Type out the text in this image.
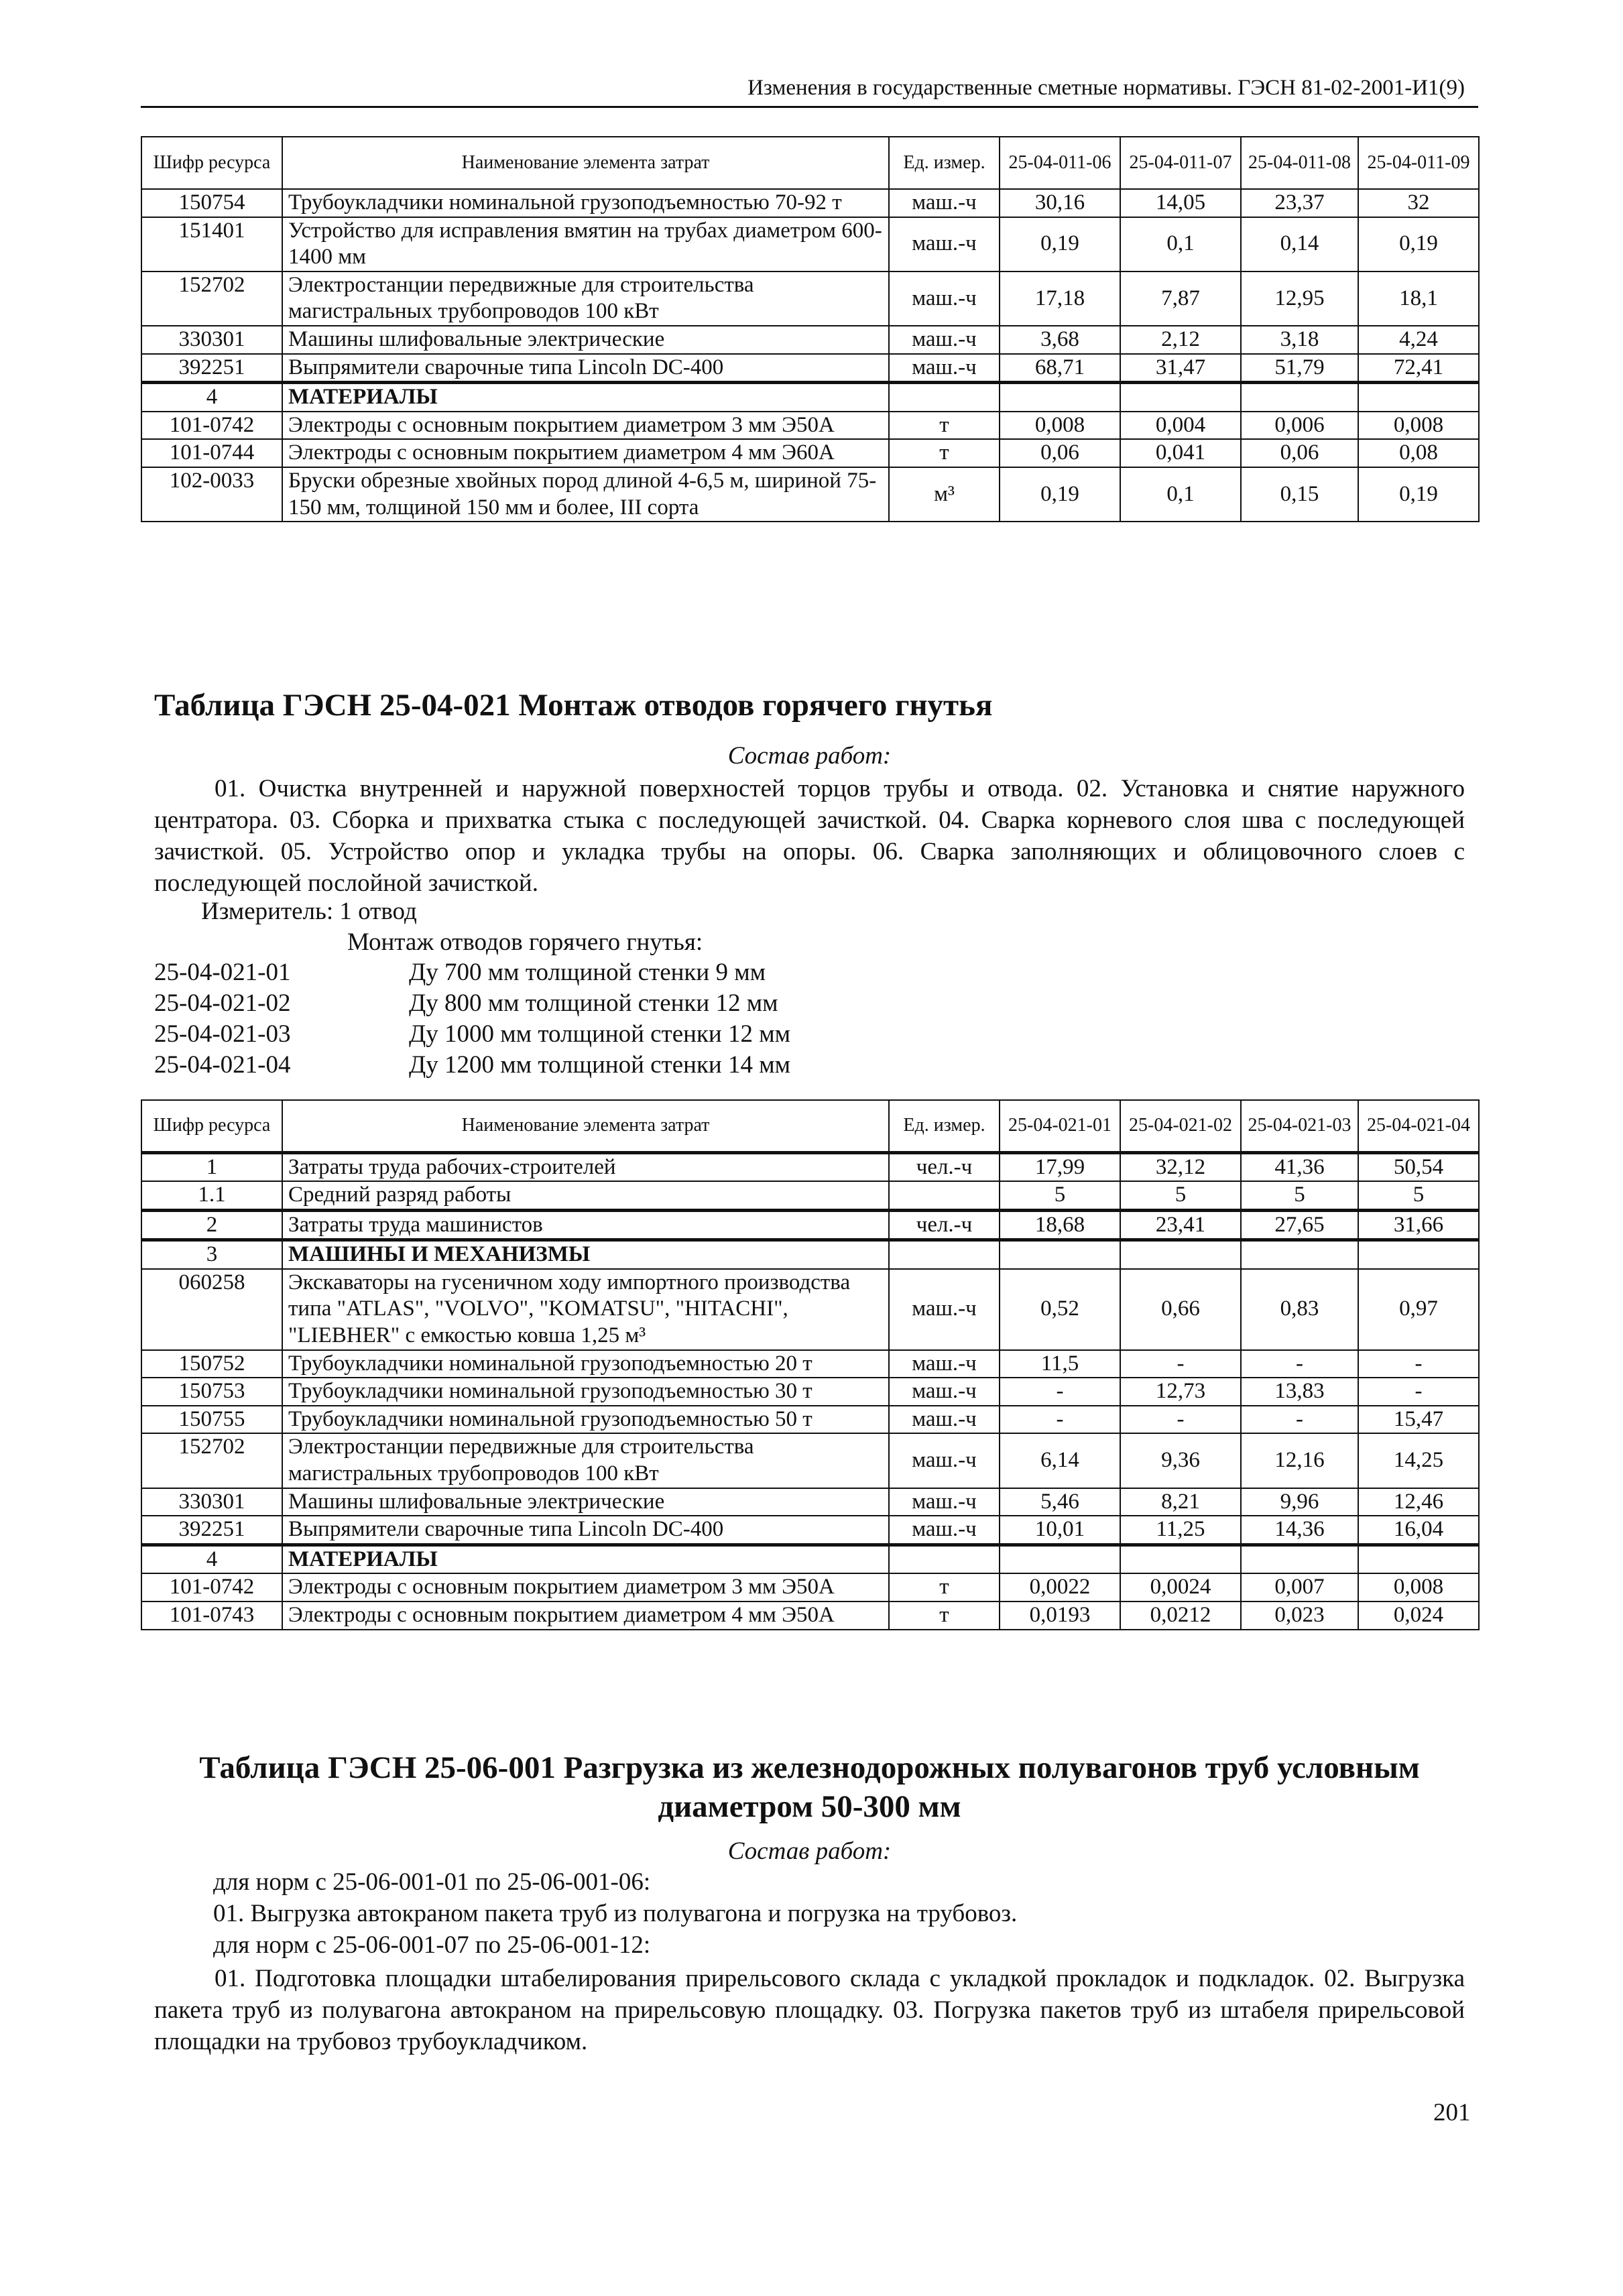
Изменения в государственные сметные нормативы. ГЭСН 81-02-2001-И1(9)
Шифр ресурса	Наименование элемента затрат	Ед. измер.	25-04-011-06	25-04-011-07	25-04-011-08	25-04-011-09
150754	Трубоукладчики номинальной грузоподъемностью 70-92 т	маш.-ч	30,16	14,05	23,37	32
151401	Устройство для исправления вмятин на трубах диаметром 600-1400 мм	маш.-ч	0,19	0,1	0,14	0,19
152702	Электростанции передвижные для строительства магистральных трубопроводов 100 кВт	маш.-ч	17,18	7,87	12,95	18,1
330301	Машины шлифовальные электрические	маш.-ч	3,68	2,12	3,18	4,24
392251	Выпрямители сварочные типа Lincoln DC-400	маш.-ч	68,71	31,47	51,79	72,41
4	МАТЕРИАЛЫ					
101-0742	Электроды с основным покрытием диаметром 3 мм Э50А	т	0,008	0,004	0,006	0,008
101-0744	Электроды с основным покрытием диаметром 4 мм Э60А	т	0,06	0,041	0,06	0,08
102-0033	Бруски обрезные хвойных пород длиной 4-6,5 м, шириной 75-150 мм, толщиной 150 мм и более, III сорта	м³	0,19	0,1	0,15	0,19
Таблица ГЭСН 25-04-021 Монтаж отводов горячего гнутья
Состав работ:
01. Очистка внутренней и наружной поверхностей торцов трубы и отвода. 02. Установка и снятие наружного центратора. 03. Сборка и прихватка стыка с последующей зачисткой. 04. Сварка корневого слоя шва с последующей зачисткой. 05. Устройство опор и укладка трубы на опоры. 06. Сварка заполняющих и облицовочного слоев с последующей послойной зачисткой.
Измеритель: 1 отвод
Монтаж отводов горячего гнутья:
25-04-021-01	Ду 700 мм толщиной стенки 9 мм
25-04-021-02	Ду 800 мм толщиной стенки 12 мм
25-04-021-03	Ду 1000 мм толщиной стенки 12 мм
25-04-021-04	Ду 1200 мм толщиной стенки 14 мм
Шифр ресурса	Наименование элемента затрат	Ед. измер.	25-04-021-01	25-04-021-02	25-04-021-03	25-04-021-04
1	Затраты труда рабочих-строителей	чел.-ч	17,99	32,12	41,36	50,54
1.1	Средний разряд работы		5	5	5	5
2	Затраты труда машинистов	чел.-ч	18,68	23,41	27,65	31,66
3	МАШИНЫ И МЕХАНИЗМЫ					
060258	Экскаваторы на гусеничном ходу импортного производства типа "ATLAS", "VOLVO", "KOMATSU", "HITACHI", "LIEBHER" с емкостью ковша 1,25 м³	маш.-ч	0,52	0,66	0,83	0,97
150752	Трубоукладчики номинальной грузоподъемностью 20 т	маш.-ч	11,5	-	-	-
150753	Трубоукладчики номинальной грузоподъемностью 30 т	маш.-ч	-	12,73	13,83	-
150755	Трубоукладчики номинальной грузоподъемностью 50 т	маш.-ч	-	-	-	15,47
152702	Электростанции передвижные для строительства магистральных трубопроводов 100 кВт	маш.-ч	6,14	9,36	12,16	14,25
330301	Машины шлифовальные электрические	маш.-ч	5,46	8,21	9,96	12,46
392251	Выпрямители сварочные типа Lincoln DC-400	маш.-ч	10,01	11,25	14,36	16,04
4	МАТЕРИАЛЫ					
101-0742	Электроды с основным покрытием диаметром 3 мм Э50А	т	0,0022	0,0024	0,007	0,008
101-0743	Электроды с основным покрытием диаметром 4 мм Э50А	т	0,0193	0,0212	0,023	0,024
Таблица ГЭСН 25-06-001 Разгрузка из железнодорожных полувагонов труб условным диаметром 50-300 мм
Состав работ:
для норм с 25-06-001-01 по 25-06-001-06:
01. Выгрузка автокраном пакета труб из полувагона и погрузка на трубовоз.
для норм с 25-06-001-07 по 25-06-001-12:
01. Подготовка площадки штабелирования прирельсового склада с укладкой прокладок и подкладок. 02. Выгрузка пакета труб из полувагона автокраном на прирельсовую площадку. 03. Погрузка пакетов труб из штабеля прирельсовой площадки на трубовоз трубоукладчиком.
201
